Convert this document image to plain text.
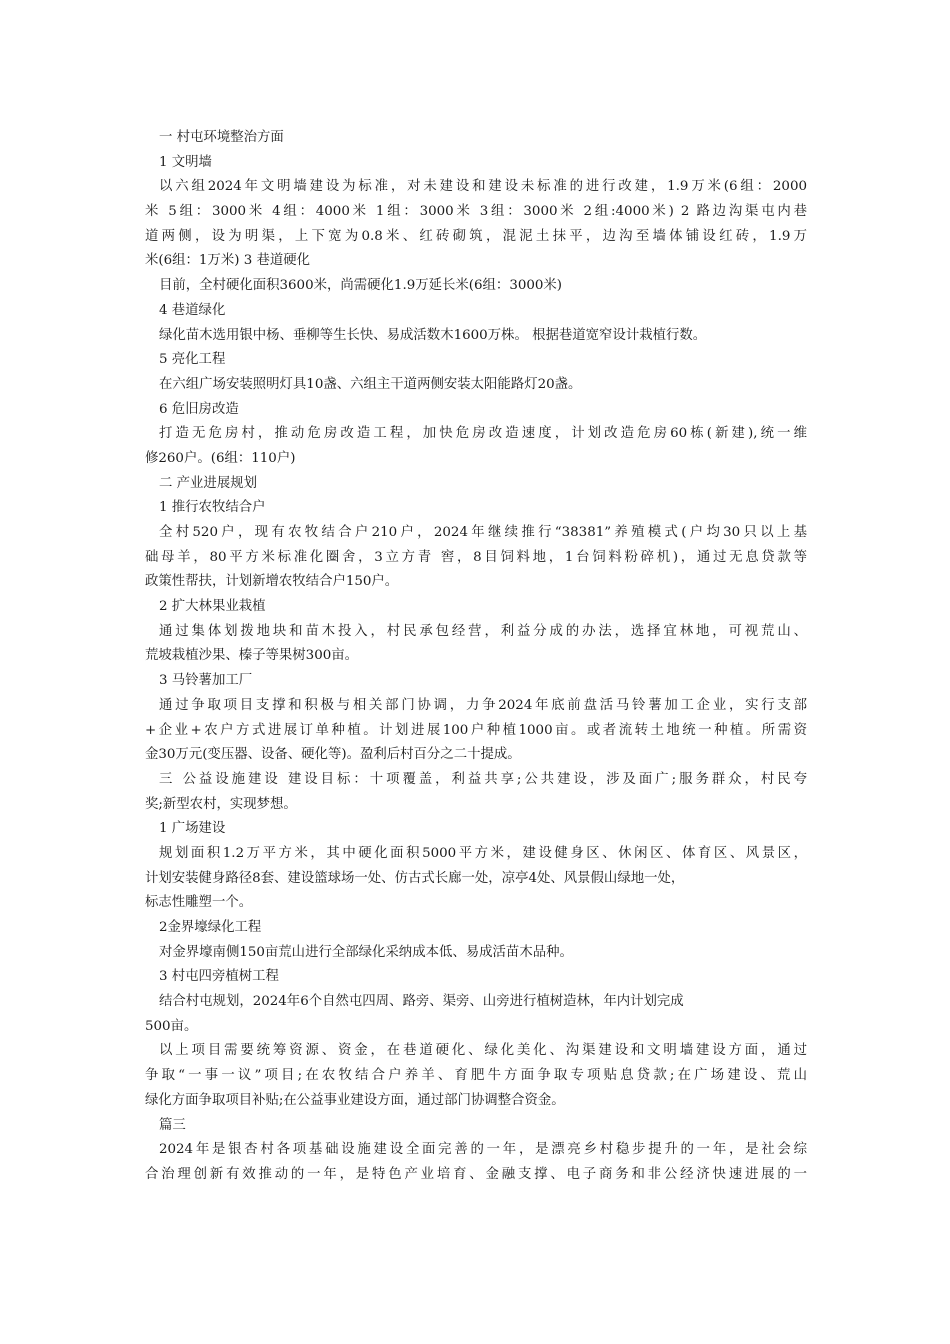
一 村屯环境整治方面
1 文明墙
以六组2024年文明墙建设为标准，对未建设和建设未标准的进行改建，1.9万米(6组：2000
米 5组：3000米 4组：4000米 1组：3000米 3组：3000米 2组:4000米) 2 路边沟渠屯内巷
道两侧，设为明渠，上下宽为0.8米、红砖砌筑，混泥土抹平，边沟至墙体铺设红砖，1.9万
米(6组：1万米) 3 巷道硬化
目前，全村硬化面积3600米，尚需硬化1.9万延长米(6组：3000米)
4 巷道绿化
绿化苗木选用银中杨、垂柳等生长快、易成活数木1600万株。 根据巷道宽窄设计栽植行数。
5 亮化工程
在六组广场安装照明灯具10盏、六组主干道两侧安装太阳能路灯20盏。
6 危旧房改造
打造无危房村，推动危房改造工程，加快危房改造速度，计划改造危房60栋(新建),统一维
修260户。(6组：110户)
二 产业进展规划
1 推行农牧结合户
全村520户，现有农牧结合户210户，2024年继续推行“38381”养殖模式(户均30只以上基
础母羊，80平方米标准化圈舍，3立方青 窖，8目饲料地，1台饲料粉碎机)，通过无息贷款等
政策性帮扶，计划新增农牧结合户150户。
2 扩大林果业栽植
通过集体划拨地块和苗木投入，村民承包经营，利益分成的办法，选择宜林地，可视荒山、
荒坡栽植沙果、榛子等果树300亩。
3 马铃薯加工厂
通过争取项目支撑和积极与相关部门协调，力争2024年底前盘活马铃薯加工企业，实行支部
+企业+农户方式进展订单种植。计划进展100户种植1000亩。或者流转土地统一种植。所需资
金30万元(变压器、设备、硬化等)。盈利后村百分之二十提成。
三 公益设施建设 建设目标：十项覆盖，利益共享;公共建设，涉及面广;服务群众，村民夸
奖;新型农村，实现梦想。
1 广场建设
规划面积1.2万平方米，其中硬化面积5000平方米，建设健身区、休闲区、体育区、风景区，
计划安装健身路径8套、建设篮球场一处、仿古式长廊一处，凉亭4处、风景假山绿地一处，
标志性雕塑一个。
2金界壕绿化工程
对金界壕南侧150亩荒山进行全部绿化采纳成本低、易成活苗木品种。
3 村屯四旁植树工程
结合村屯规划，2024年6个自然屯四周、路旁、渠旁、山旁进行植树造林，年内计划完成
500亩。
以上项目需要统筹资源、资金，在巷道硬化、绿化美化、沟渠建设和文明墙建设方面，通过
争取“一事一议”项目;在农牧结合户养羊、育肥牛方面争取专项贴息贷款;在广场建设、荒山
绿化方面争取项目补贴;在公益事业建设方面，通过部门协调整合资金。
篇三
2024年是银杏村各项基础设施建设全面完善的一年，是漂亮乡村稳步提升的一年，是社会综
合治理创新有效推动的一年，是特色产业培育、金融支撑、电子商务和非公经济快速进展的一
